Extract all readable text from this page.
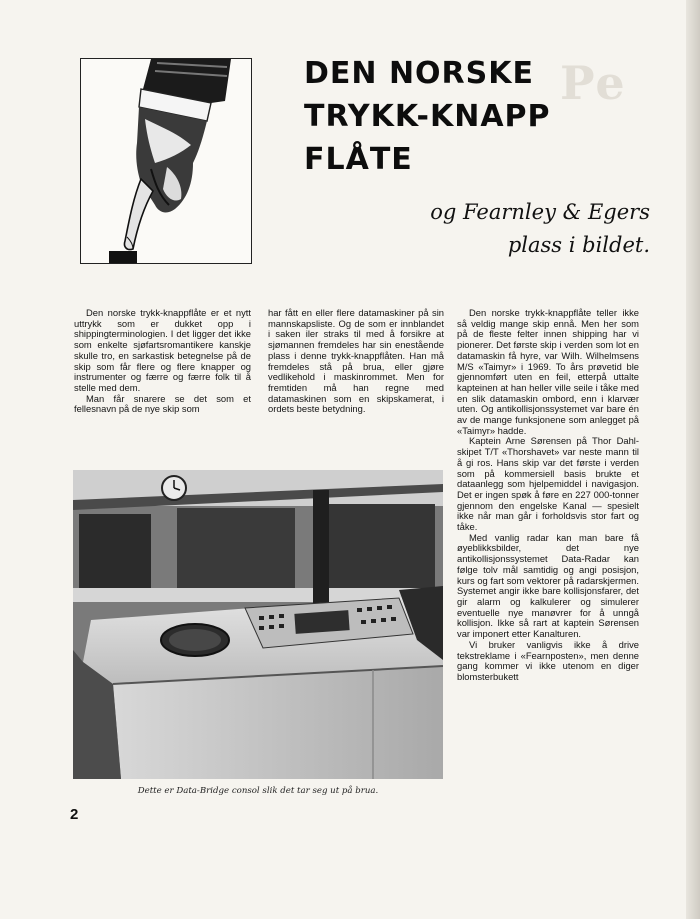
Pe
DEN NORSKE
TRYKK-KNAPP
FLÅTE
og Fearnley & Egers
plass i bildet.

Den norske trykk-knappflåte er et nytt uttrykk som er dukket opp i shippingterminologien. I det ligger det ikke som enkelte sjøfartsromantikere kanskje skulle tro, en sarkastisk betegnelse på de skip som får flere og flere knapper og instrumenter og færre og færre folk til å stelle med dem.

Man får snarere se det som et fellesnavn på de nye skip som

har fått en eller flere datamaskiner på sin mannskapsliste. Og de som er innblandet i saken iler straks til med å forsikre at sjømannen fremdeles har sin enestående plass i denne trykk-knappflåten. Han må fremdeles stå på brua, eller gjøre vedlikehold i maskinrommet. Men for fremtiden må han regne med datamaskinen som en skipskamerat, i ordets beste betydning.

Den norske trykk-knappflåte teller ikke så veldig mange skip ennå. Men her som på de fleste felter innen shipping har vi pionerer. Det første skip i verden som lot en datamaskin få hyre, var Wilh. Wilhelmsens M/S «Taimyr» i 1969. To års prøvetid ble gjennomført uten en feil, etterpå uttalte kapteinen at han heller ville seile i tåke med en slik datamaskin ombord, enn i klarvær uten. Og antikollisjonssystemet var bare én av de mange funksjonene som anlegget på «Taimyr» hadde.

Kaptein Arne Sørensen på Thor Dahl-skipet T/T «Thorshavet» var neste mann til å gi ros. Hans skip var det første i verden som på kommersiell basis brukte et dataanlegg som hjelpemiddel i navigasjon. Det er ingen spøk å føre en 227 000-tonner gjennom den engelske Kanal — spesielt ikke når man går i forholdsvis stor fart og tåke.

Med vanlig radar kan man bare få øyeblikksbilder, det nye antikollisjonssystemet Data-Radar kan følge tolv mål samtidig og angi posisjon, kurs og fart som vektorer på radarskjermen. Systemet angir ikke bare kollisjonsfarer, det gir alarm og kalkulerer og simulerer eventuelle nye manøvrer for å unngå kollisjon. Ikke så rart at kaptein Sørensen var imponert etter Kanalturen.

Vi bruker vanligvis ikke å drive tekstreklame i «Fearnposten», men denne gang kommer vi ikke utenom en diger blomsterbukett

Dette er Data-Bridge consol slik det tar seg ut på brua.
2
